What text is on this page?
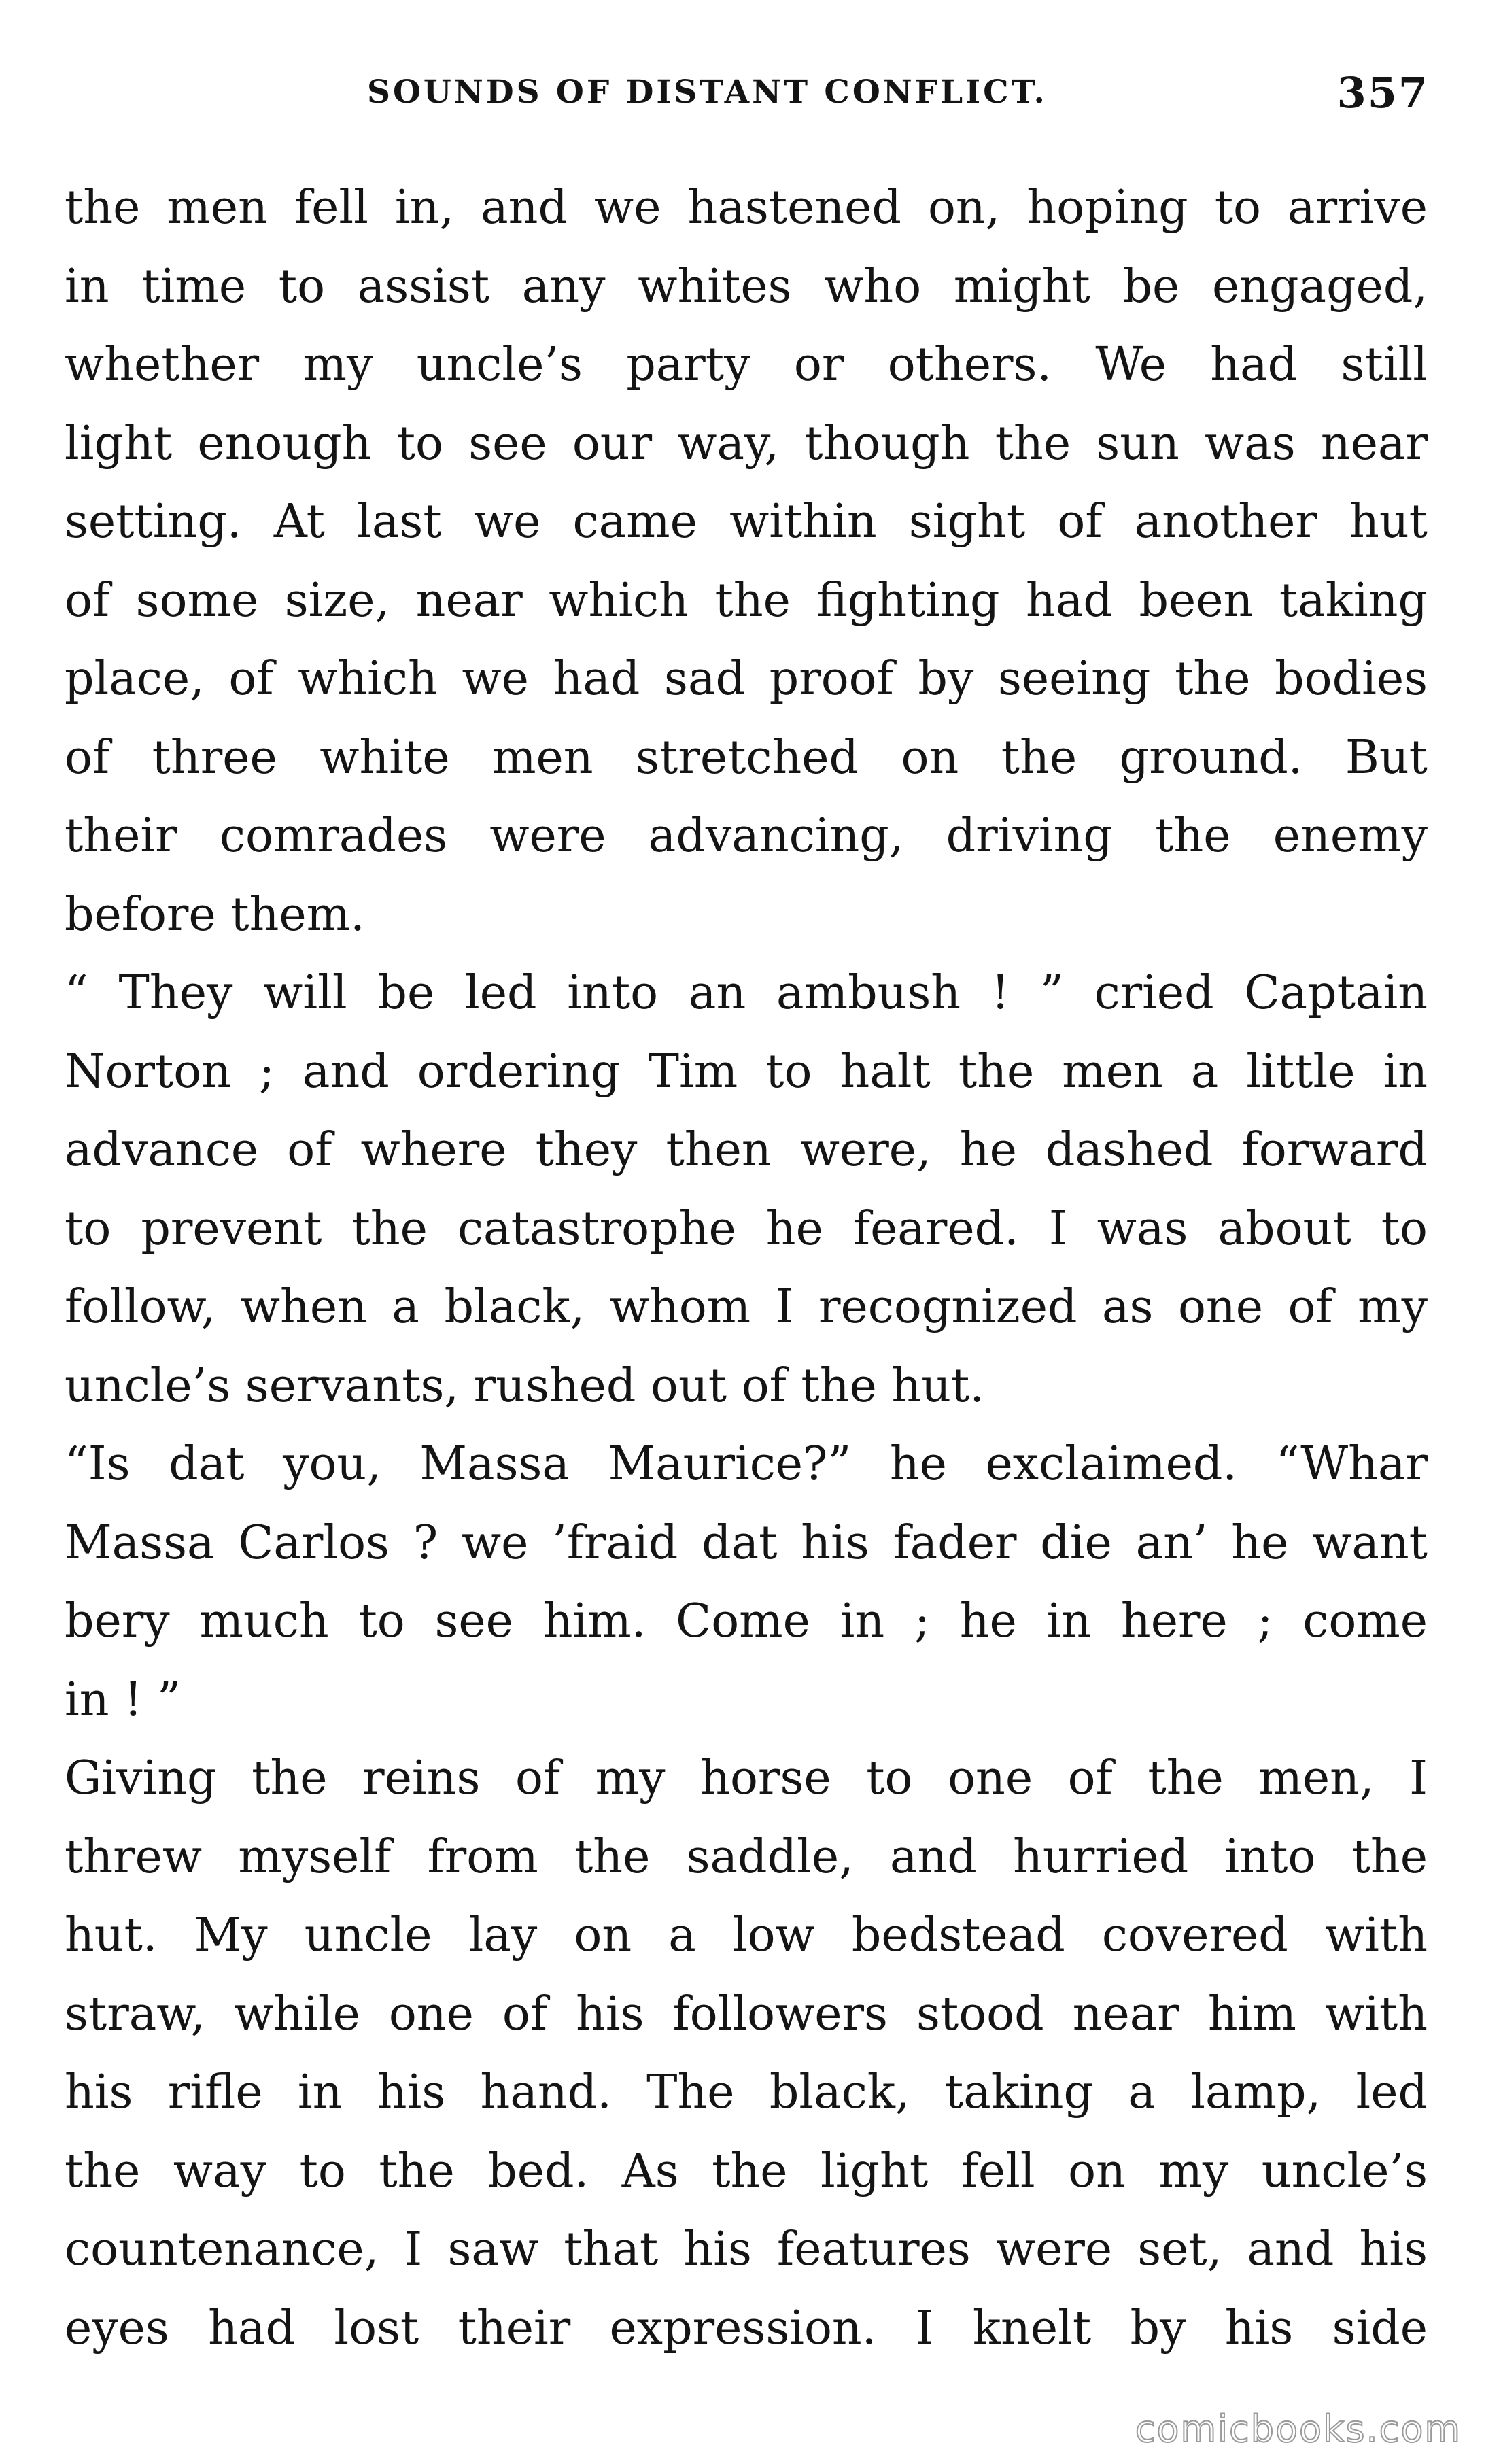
SOUNDS OF DISTANT CONFLICT.	357
the men fell in, and we hastened on, hoping to arrive
in time to assist any whites who might be engaged,
whether my uncle’s party or others. We had still
light enough to see our way, though the sun was near
setting. At last we came within sight of another hut
of some size, near which the fighting had been taking
place, of which we had sad proof by seeing the bodies
of three white men stretched on the ground. But
their comrades were advancing, driving the enemy
before them.
“ They will be led into an ambush ! ” cried Captain
Norton ; and ordering Tim to halt the men a little in
advance of where they then were, he dashed forward
to prevent the catastrophe he feared. I was about to
follow, when a black, whom I recognized as one of my
uncle’s servants, rushed out of the hut.
“Is dat you, Massa Maurice?” he exclaimed. “Whar
Massa Carlos ? we ’fraid dat his fader die an’ he want
bery much to see him. Come in ; he in here ; come
in ! ”
Giving the reins of my horse to one of the men, I
threw myself from the saddle, and hurried into the
hut. My uncle lay on a low bedstead covered with
straw, while one of his followers stood near him with
his rifle in his hand. The black, taking a lamp, led
the way to the bed. As the light fell on my uncle’s
countenance, I saw that his features were set, and his
eyes had lost their expression. I knelt by his side
comicbooks.com
